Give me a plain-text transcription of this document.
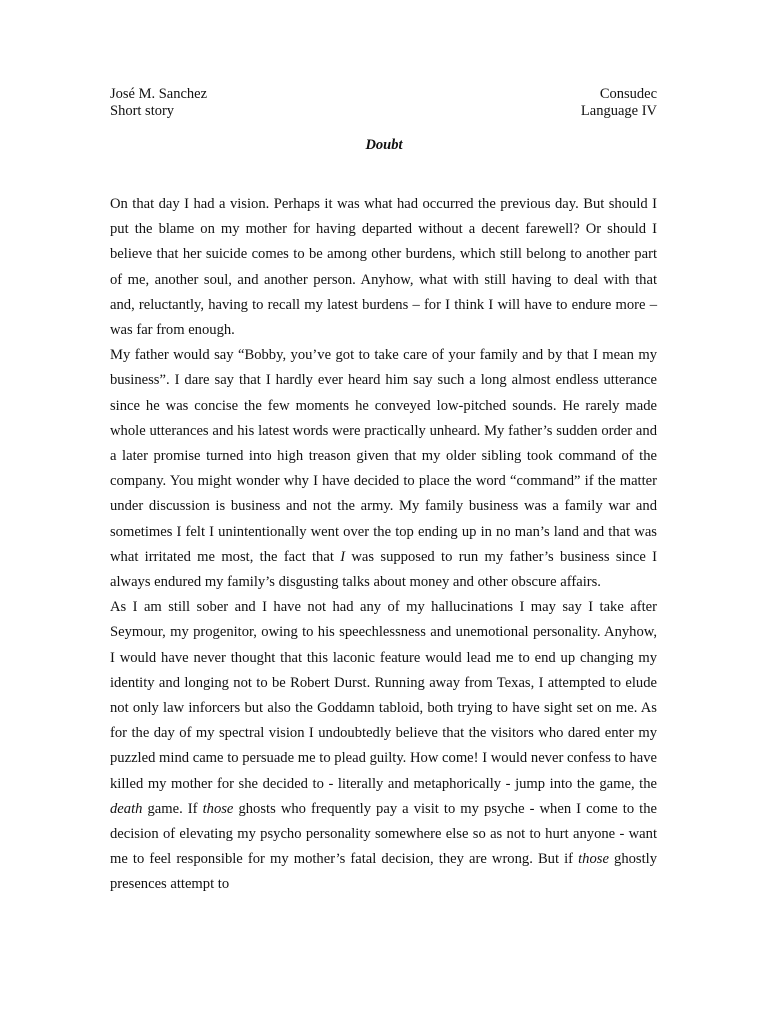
José M. Sanchez	Consudec
Short story	Language IV
Doubt

On that day I had a vision. Perhaps it was what had occurred the previous day. But should I put the blame on my mother for having departed without a decent farewell? Or should I believe that her suicide comes to be among other burdens, which still belong to another part of me, another soul, and another person. Anyhow, what with still having to deal with that and, reluctantly, having to recall my latest burdens – for I think I will have to endure more – was far from enough.

My father would say “Bobby, you’ve got to take care of your family and by that I mean my business”. I dare say that I hardly ever heard him say such a long almost endless utterance since he was concise the few moments he conveyed low-pitched sounds. He rarely made whole utterances and his latest words were practically unheard. My father’s sudden order and a later promise turned into high treason given that my older sibling took command of the company. You might wonder why I have decided to place the word “command” if the matter under discussion is business and not the army. My family business was a family war and sometimes I felt I unintentionally went over the top ending up in no man’s land and that was what irritated me most, the fact that I was supposed to run my father’s business since I always endured my family’s disgusting talks about money and other obscure affairs.

As I am still sober and I have not had any of my hallucinations I may say I take after Seymour, my progenitor, owing to his speechlessness and unemotional personality. Anyhow, I would have never thought that this laconic feature would lead me to end up changing my identity and longing not to be Robert Durst. Running away from Texas, I attempted to elude not only law inforcers but also the Goddamn tabloid, both trying to have sight set on me. As for the day of my spectral vision I undoubtedly believe that the visitors who dared enter my puzzled mind came to persuade me to plead guilty. How come! I would never confess to have killed my mother for she decided to - literally and metaphorically - jump into the game, the death game. If those ghosts who frequently pay a visit to my psyche - when I come to the decision of elevating my psycho personality somewhere else so as not to hurt anyone - want me to feel responsible for my mother’s fatal decision, they are wrong. But if those ghostly presences attempt to
